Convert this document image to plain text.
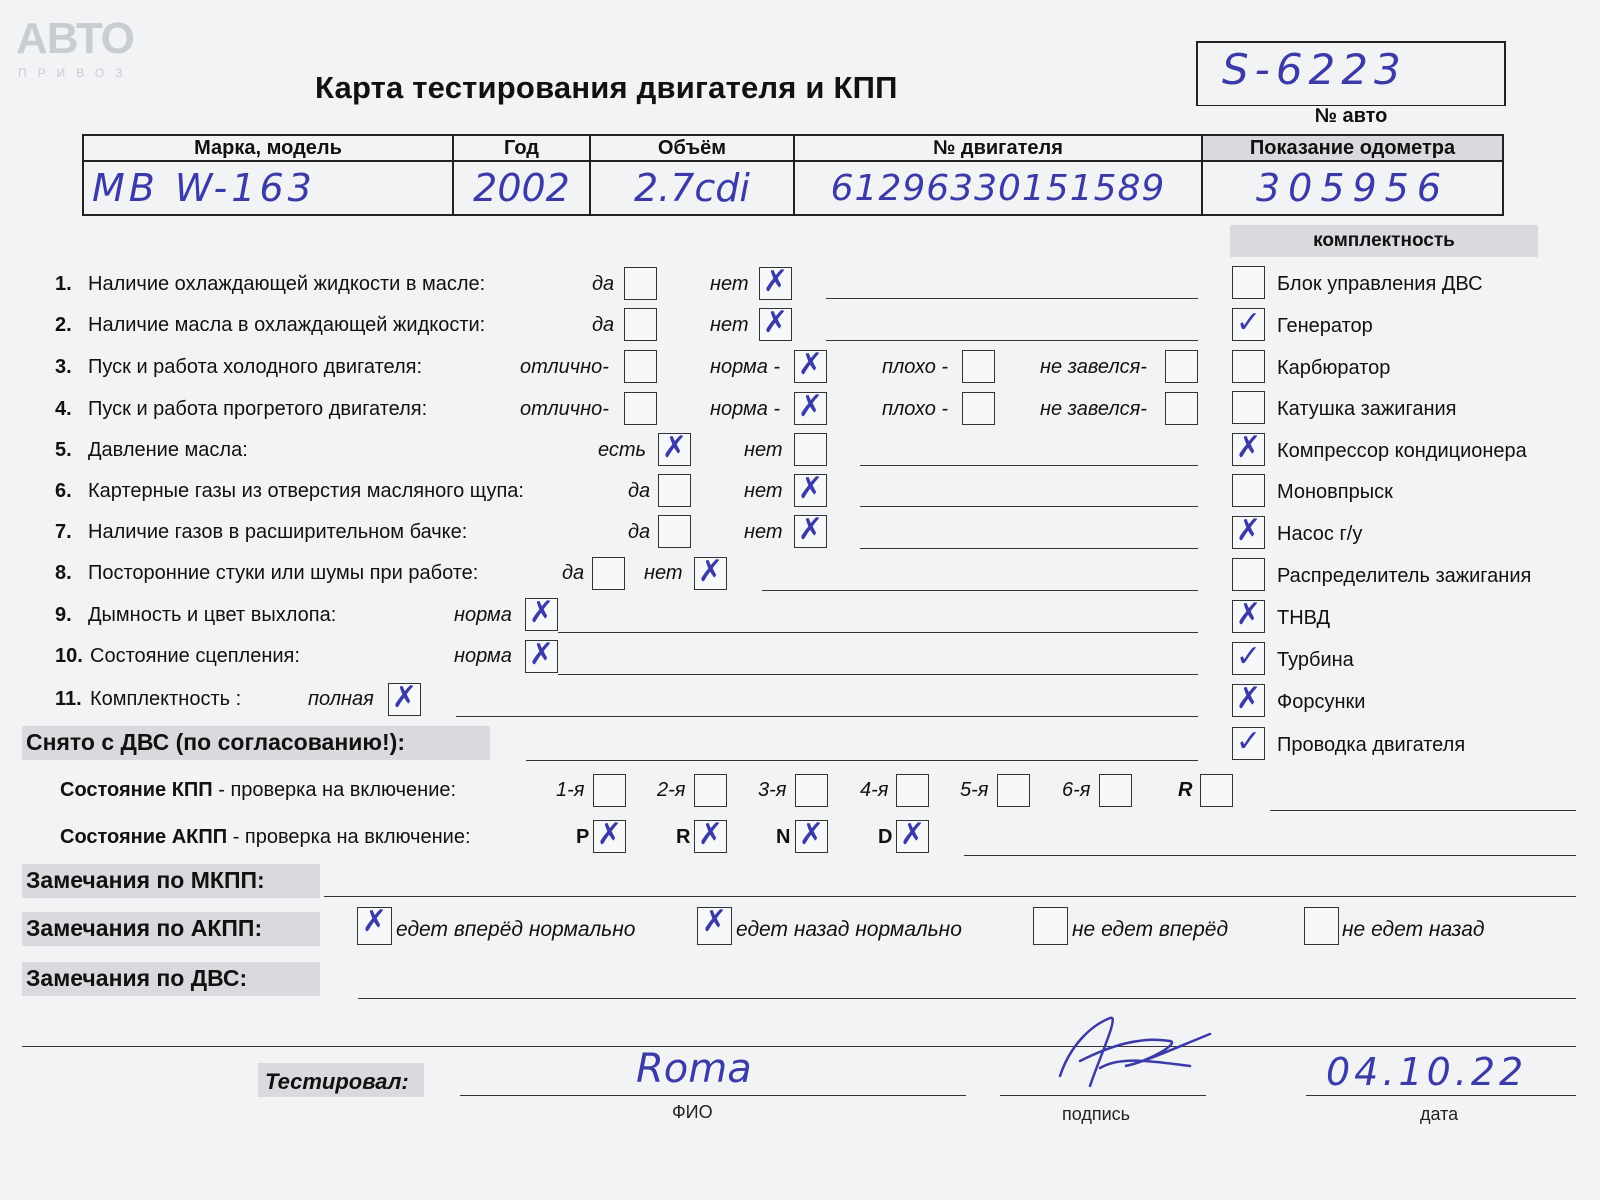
АВТО
ПРИВОЗ	Карта тестирования двигателя и КПП	S-6223
№ авто
Марка, модель	Год	Объём	№ двигателя	Показание одометра
MB W-163	2002	2.7cdi	61296330151589	305956
комплектность
Блок управления ДВС
✓ Генератор
Карбюратор
Катушка зажигания
✗ Компрессор кондиционера
Моновпрыск
✗ Насос г/у
Распределитель зажигания
✗ ТНВД
✓ Турбина
✗ Форсунки
✓ Проводка двигателя
1. Наличие охлаждающей жидкости в масле:	да	нет ✗
2. Наличие масла в охлаждающей жидкости:	да	нет ✗
3. Пуск и работа холодного двигателя:	отлично-	норма - ✗	плохо -	не завелся-
4. Пуск и работа прогретого двигателя:	отлично-	норма - ✗	плохо -	не завелся-
5. Давление масла:	есть ✗	нет
6. Картерные газы из отверстия масляного щупа:	да	нет ✗
7. Наличие газов в расширительном бачке:	да	нет ✗
8. Посторонние стуки или шумы при работе:	да	нет ✗
9. Дымность и цвет выхлопа:	норма ✗
10. Состояние сцепления:	норма ✗
11. Комплектность :	полная ✗
Снято с ДВС (по согласованию!):
Состояние КПП - проверка на включение:	1-я	2-я	3-я	4-я	5-я	6-я	R
Состояние АКПП - проверка на включение:	P ✗	R ✗	N ✗	D ✗
Замечания по МКПП:
Замечания по АКПП:	✗ едет вперёд нормально ✗ едет назад нормально	не едет вперёд	не едет назад
Замечания по ДВС:
Тестировал:	Roma
ФИО	подпись
04.10.22
дата
